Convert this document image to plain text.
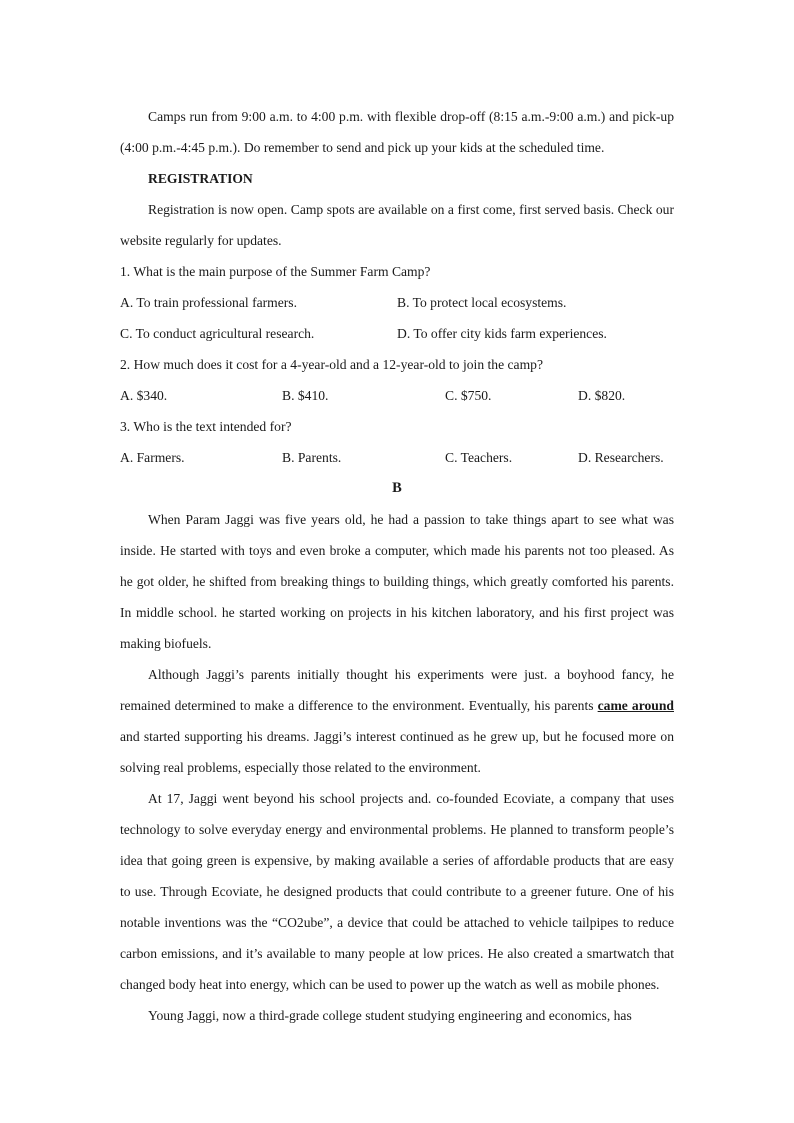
Camps run from 9:00 a.m. to 4:00 p.m. with flexible drop-off (8:15 a.m.-9:00 a.m.) and pick-up (4:00 p.m.-4:45 p.m.). Do remember to send and pick up your kids at the scheduled time.
REGISTRATION
Registration is now open. Camp spots are available on a first come, first served basis. Check our website regularly for updates.
1. What is the main purpose of the Summer Farm Camp?
A. To train professional farmers.	B. To protect local ecosystems.
C. To conduct agricultural research.	D. To offer city kids farm experiences.
2. How much does it cost for a 4-year-old and a 12-year-old to join the camp?
A. $340.	B. $410.	C. $750.	D. $820.
3. Who is the text intended for?
A. Farmers.	B. Parents.	C. Teachers.	D. Researchers.
B
When Param Jaggi was five years old, he had a passion to take things apart to see what was inside. He started with toys and even broke a computer, which made his parents not too pleased. As he got older, he shifted from breaking things to building things, which greatly comforted his parents. In middle school. he started working on projects in his kitchen laboratory, and his first project was making biofuels.
Although Jaggi’s parents initially thought his experiments were just. a boyhood fancy, he remained determined to make a difference to the environment. Eventually, his parents came around and started supporting his dreams. Jaggi’s interest continued as he grew up, but he focused more on solving real problems, especially those related to the environment.
At 17, Jaggi went beyond his school projects and. co-founded Ecoviate, a company that uses technology to solve everyday energy and environmental problems. He planned to transform people’s idea that going green is expensive, by making available a series of affordable products that are easy to use. Through Ecoviate, he designed products that could contribute to a greener future. One of his notable inventions was the “CO2ube”, a device that could be attached to vehicle tailpipes to reduce carbon emissions, and it’s available to many people at low prices. He also created a smartwatch that changed body heat into energy, which can be used to power up the watch as well as mobile phones.
Young Jaggi, now a third-grade college student studying engineering and economics, has
